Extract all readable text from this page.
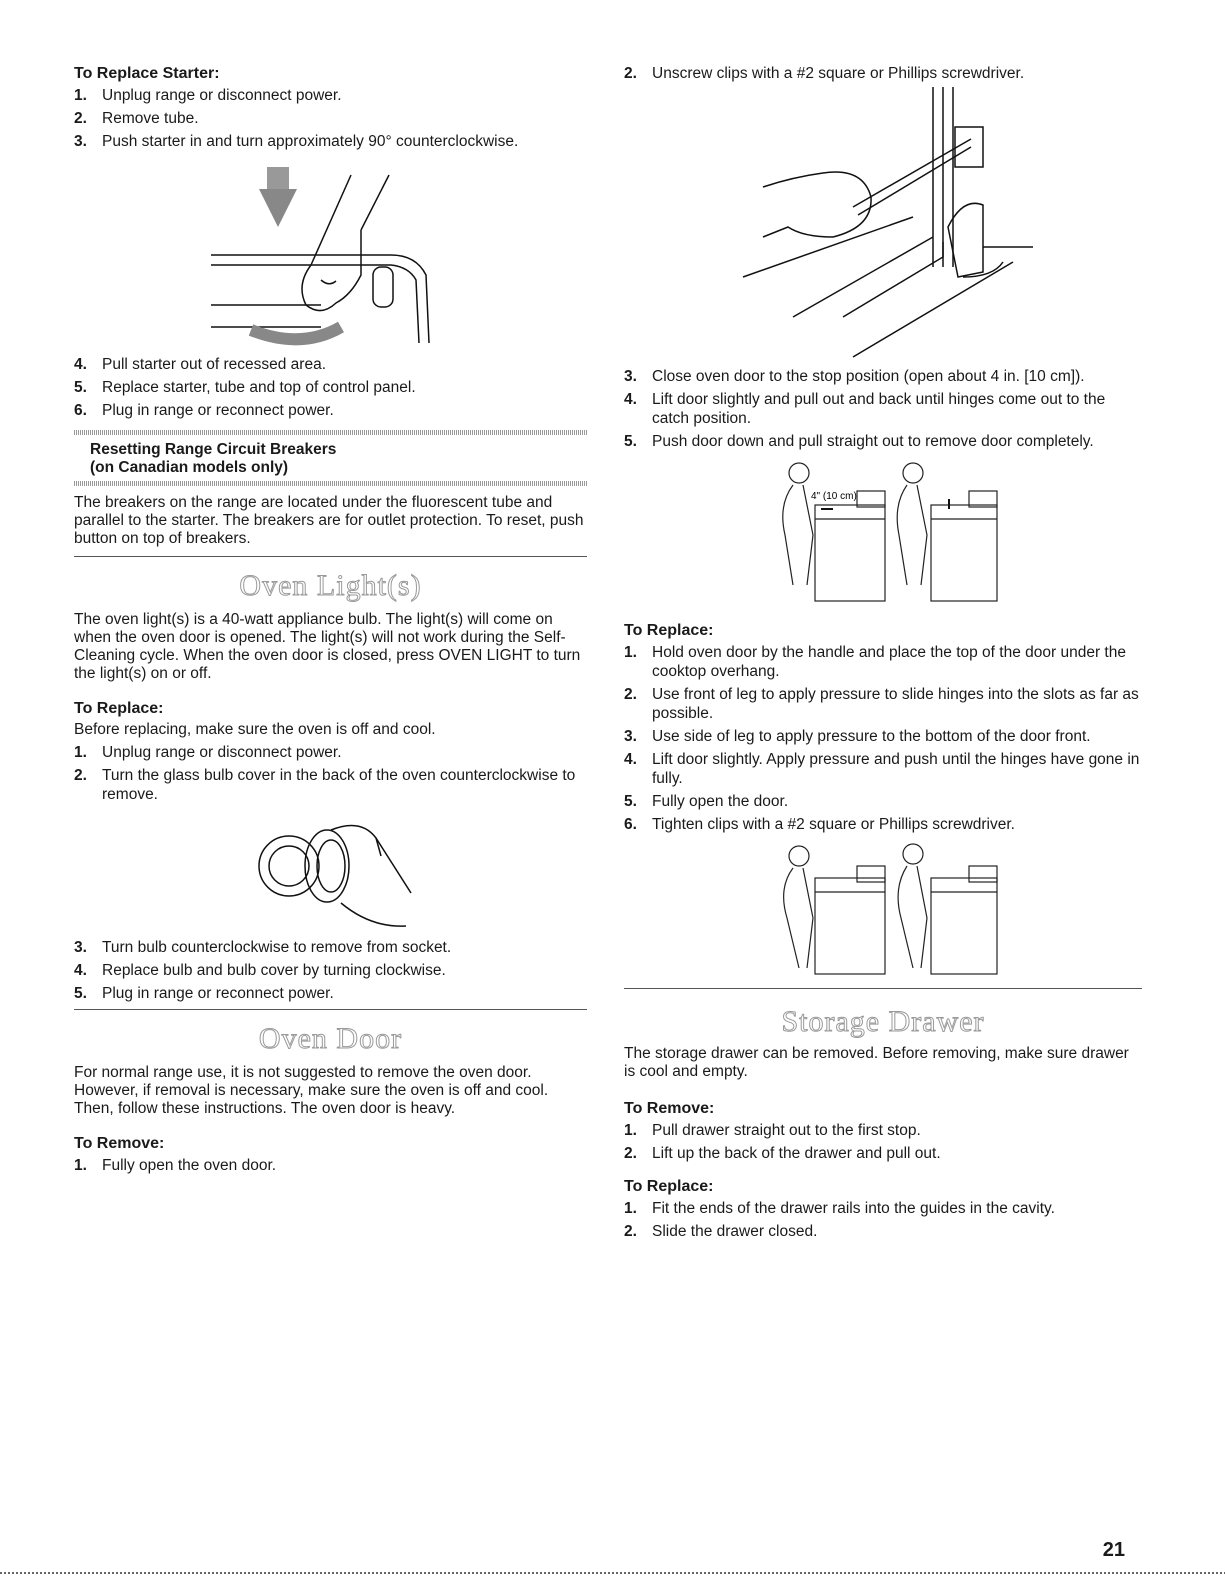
To Replace Starter:
1. Unplug range or disconnect power.
2. Remove tube.
3. Push starter in and turn approximately 90° counterclockwise.
4. Pull starter out of recessed area.
5. Replace starter, tube and top of control panel.
6. Plug in range or reconnect power.
Resetting Range Circuit Breakers
(on Canadian models only)

The breakers on the range are located under the fluorescent tube and parallel to the starter. The breakers are for outlet protection. To reset, push button on top of breakers.

Oven Light(s)

The oven light(s) is a 40-watt appliance bulb. The light(s) will come on when the oven door is opened. The light(s) will not work during the Self-Cleaning cycle. When the oven door is closed, press OVEN LIGHT to turn the light(s) on or off.

To Replace:

Before replacing, make sure the oven is off and cool.

1. Unplug range or disconnect power.
2. Turn the glass bulb cover in the back of the oven counterclockwise to remove.
3. Turn bulb counterclockwise to remove from socket.
4. Replace bulb and bulb cover by turning clockwise.
5. Plug in range or reconnect power.
Oven Door

For normal range use, it is not suggested to remove the oven door. However, if removal is necessary, make sure the oven is off and cool. Then, follow these instructions. The oven door is heavy.

To Remove:
1. Fully open the oven door.
2. Unscrew clips with a #2 square or Phillips screwdriver.
3. Close oven door to the stop position (open about 4 in. [10 cm]).
4. Lift door slightly and pull out and back until hinges come out to the catch position.
5. Push door down and pull straight out to remove door completely.
4" (10 cm)
To Replace:
1. Hold oven door by the handle and place the top of the door under the cooktop overhang.
2. Use front of leg to apply pressure to slide hinges into the slots as far as possible.
3. Use side of leg to apply pressure to the bottom of the door front.
4. Lift door slightly. Apply pressure and push until the hinges have gone in fully.
5. Fully open the door.
6. Tighten clips with a #2 square or Phillips screwdriver.
Storage Drawer

The storage drawer can be removed. Before removing, make sure drawer is cool and empty.

To Remove:
1. Pull drawer straight out to the first stop.
2. Lift up the back of the drawer and pull out.
To Replace:
1. Fit the ends of the drawer rails into the guides in the cavity.
2. Slide the drawer closed.
21
